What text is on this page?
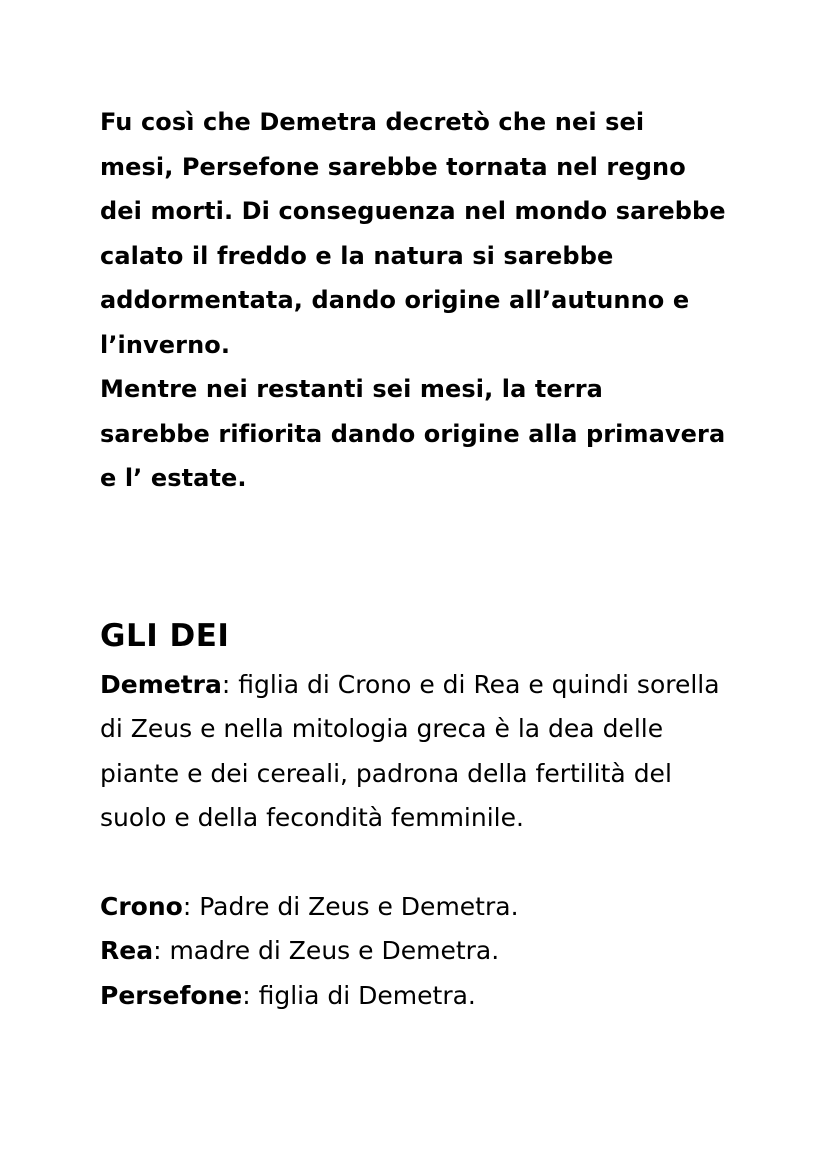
Fu così che Demetra decretò che nei sei
mesi, Persefone sarebbe tornata nel regno
dei morti. Di conseguenza nel mondo sarebbe
calato il freddo e la natura si sarebbe
addormentata, dando origine all’autunno e
l’inverno.

Mentre nei restanti sei mesi, la terra
sarebbe rifiorita dando origine alla primavera
e l’ estate.

GLI DEI
Demetra: figlia di Crono e di Rea e quindi sorella
di Zeus e nella mitologia greca è la dea delle
piante e dei cereali, padrona della fertilità del
suolo e della fecondità femminile.
Crono: Padre di Zeus e Demetra.
Rea: madre di Zeus e Demetra.
Persefone: figlia di Demetra.
